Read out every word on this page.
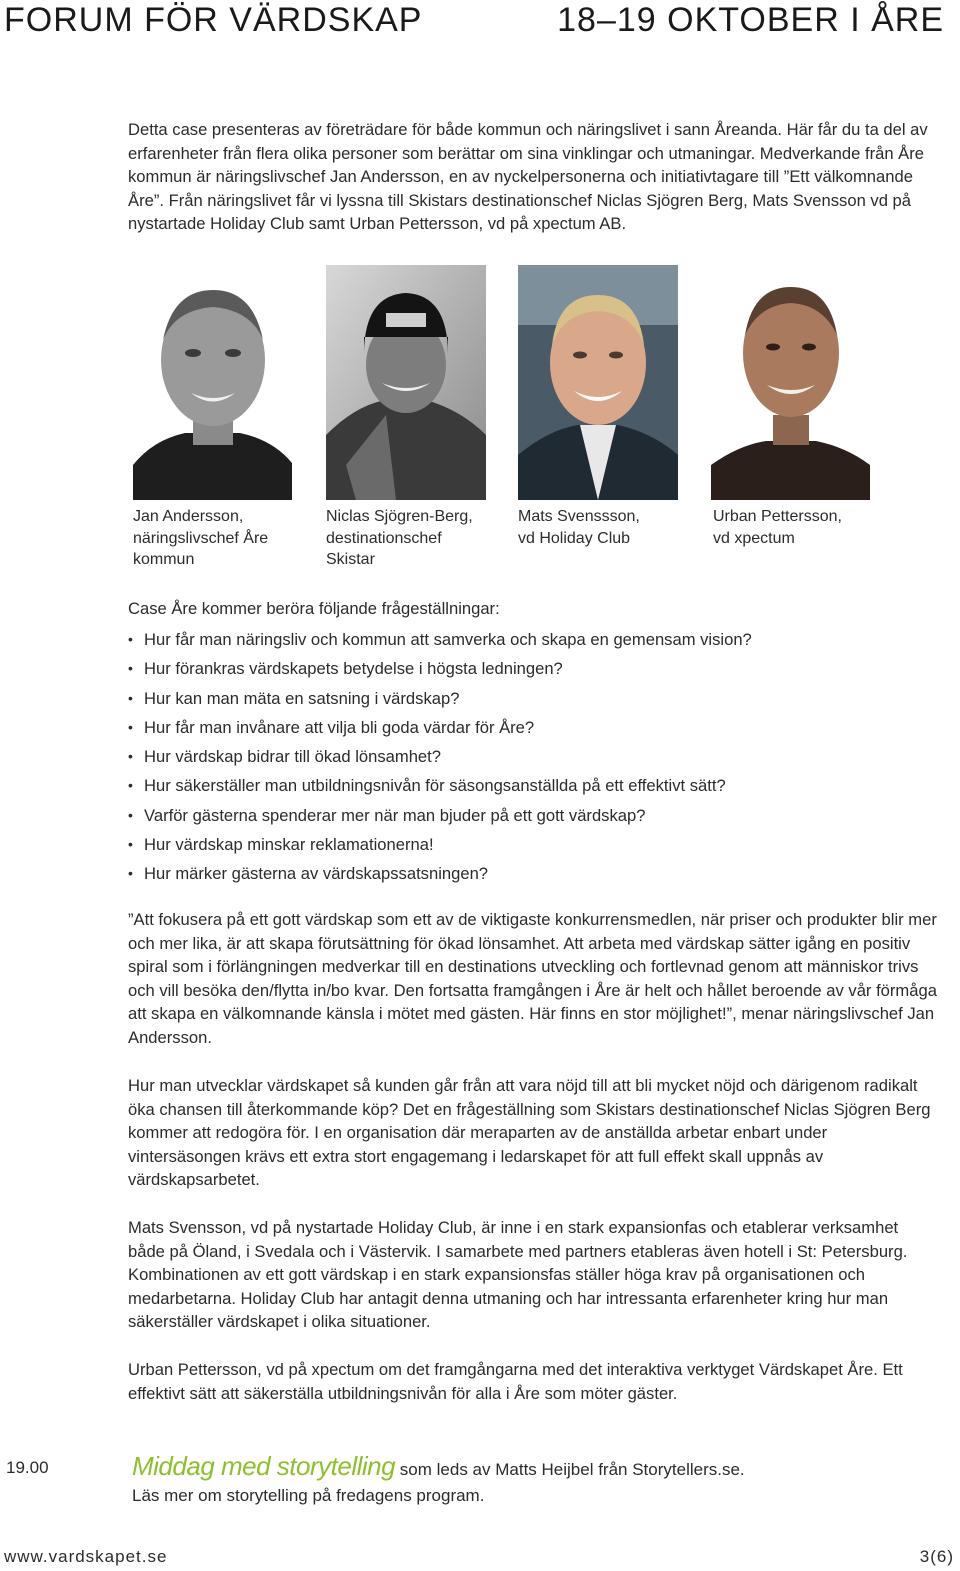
FORUM FÖR VÄRDSKAP	18–19 OKTOBER I ÅRE

Detta case presenteras av företrädare för både kommun och näringslivet i sann Åreanda. Här får du ta del av erfarenheter från flera olika personer som berättar om sina vinklingar och utmaningar. Medverkande från Åre kommun är näringslivschef Jan Andersson, en av nyckelpersonerna och initiativtagare till ”Ett välkomnande Åre”. Från näringslivet får vi lyssna till Skistars destinationschef Niclas Sjögren Berg, Mats Svensson vd på nystartade Holiday Club samt Urban Pettersson, vd på xpectum AB.

Jan Andersson,
näringslivschef Åre
kommun
Niclas Sjögren-Berg,
destinationschef
Skistar
Mats Svenssson,
vd Holiday Club
Urban Pettersson,
vd xpectum

Case Åre kommer beröra följande frågeställningar:

• Hur får man näringsliv och kommun att samverka och skapa en gemensam vision?
• Hur förankras värdskapets betydelse i högsta ledningen?
• Hur kan man mäta en satsning i värdskap?
• Hur får man invånare att vilja bli goda värdar för Åre?
• Hur värdskap bidrar till ökad lönsamhet?
• Hur säkerställer man utbildningsnivån för säsongsanställda på ett effektivt sätt?
• Varför gästerna spenderar mer när man bjuder på ett gott värdskap?
• Hur värdskap minskar reklamationerna!
• Hur märker gästerna av värdskapssatsningen?

”Att fokusera på ett gott värdskap som ett av de viktigaste konkurrensmedlen, när priser och produkter blir mer och mer lika, är att skapa förutsättning för ökad lönsamhet. Att arbeta med värdskap sätter igång en positiv spiral som i förlängningen medverkar till en destinations utveckling och fortlevnad genom att människor trivs och vill besöka den/flytta in/bo kvar. Den fortsatta framgången i Åre är helt och hållet beroende av vår förmåga att skapa en välkomnande känsla i mötet med gästen. Här finns en stor möjlighet!”, menar näringslivschef Jan Andersson.

Hur man utvecklar värdskapet så kunden går från att vara nöjd till att bli mycket nöjd och därigenom radikalt öka chansen till återkommande köp? Det en frågeställning som Skistars destinationschef Niclas Sjögren Berg kommer att redogöra för. I en organisation där meraparten av de anställda arbetar enbart under vintersäsongen krävs ett extra stort engagemang i ledarskapet för att full effekt skall uppnås av värdskapsarbetet.

Mats Svensson, vd på nystartade Holiday Club, är inne i en stark expansionfas och etablerar verksamhet både på Öland, i Svedala och i Västervik. I samarbete med partners etableras även hotell i St: Petersburg. Kombinationen av ett gott värdskap i en stark expansionsfas ställer höga krav på organisationen och medarbetarna. Holiday Club har antagit denna utmaning och har intressanta erfarenheter kring hur man säkerställer värdskapet i olika situationer.

Urban Pettersson, vd på xpectum om det framgångarna med det interaktiva verktyget Värdskapet Åre. Ett effektivt sätt att säkerställa utbildningsnivån för alla i Åre som möter gäster.

19.00	Middag med storytelling som leds av Matts Heijbel från Storytellers.se.
Läs mer om storytelling på fredagens program.
www.vardskapet.se	3(6)
